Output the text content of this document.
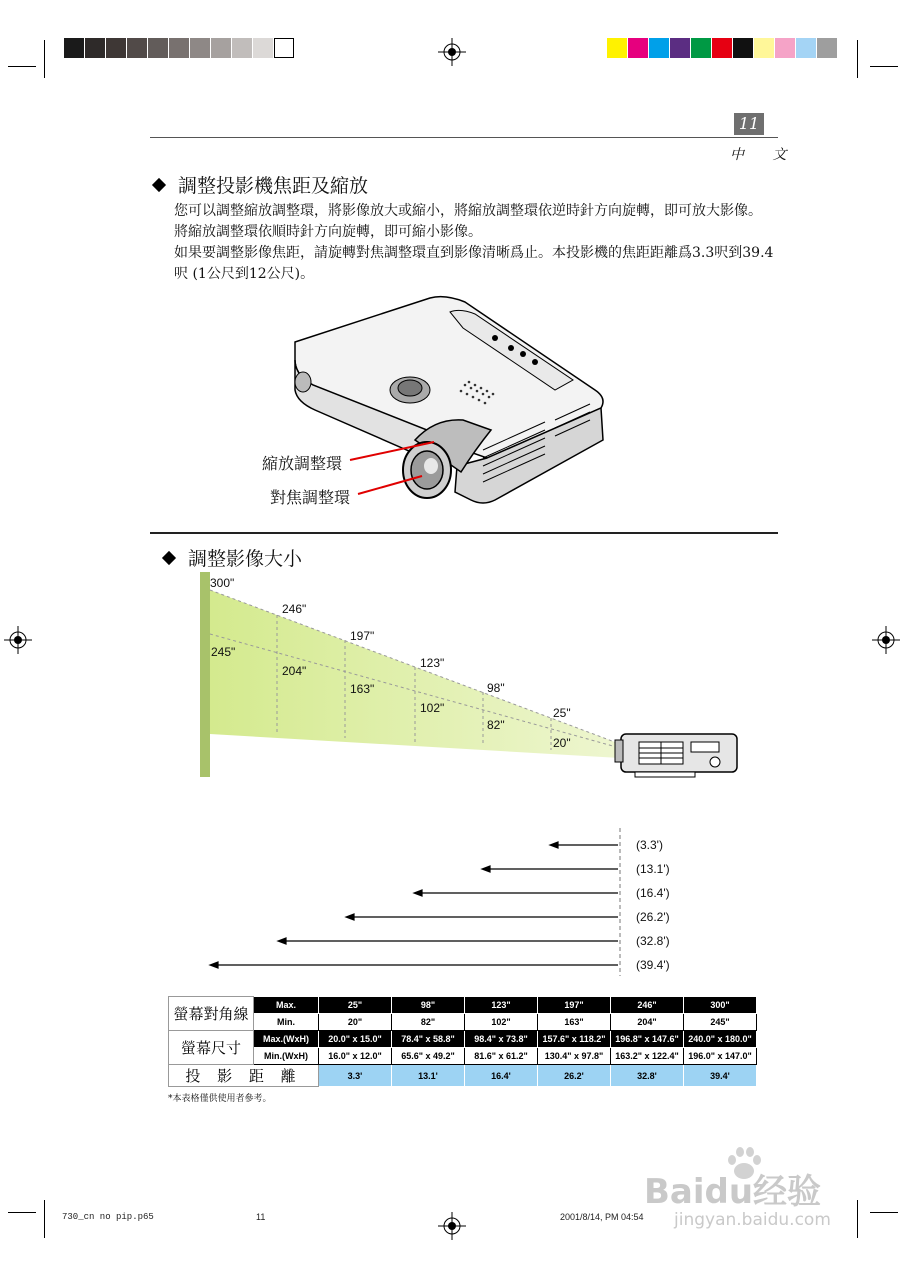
11
中 文
調整投影機焦距及縮放

您可以調整縮放調整環，將影像放大或縮小，將縮放調整環依逆時針方向旋轉，即可放大影像。 將縮放調整環依順時針方向旋轉，即可縮小影像。

如果要調整影像焦距，請旋轉對焦調整環直到影像清晰爲止。本投影機的焦距距離爲3.3呎到39.4呎 (1公尺到12公尺)。

縮放調整環
對焦調整環
調整影像大小
300"
246"
197"
123"
98"
25"
245"
204"
163"
102"
82"
20"
(3.3')
(13.1')
(16.4')
(26.2')
(32.8')
(39.4')
螢幕對角線	Max.	25"	98"	123"	197"	246"	300"
	Min.	20"	82"	102"	163"	204"	245"
螢幕尺寸	Max.(WxH)	20.0" x 15.0"	78.4" x 58.8"	98.4" x 73.8"	157.6" x 118.2"	196.8" x 147.6"	240.0" x 180.0"
	Min.(WxH)	16.0" x 12.0"	65.6" x 49.2"	81.6" x 61.2"	130.4" x 97.8"	163.2" x 122.4"	196.0" x 147.0"
投 影 距 離		3.3'	13.1'	16.4'	26.2'	32.8'	39.4'
*本表格僅供使用者參考。
730_cn no pip.p65	11	2001/8/14, PM 04:54
Baidu经验
jingyan.baidu.com
